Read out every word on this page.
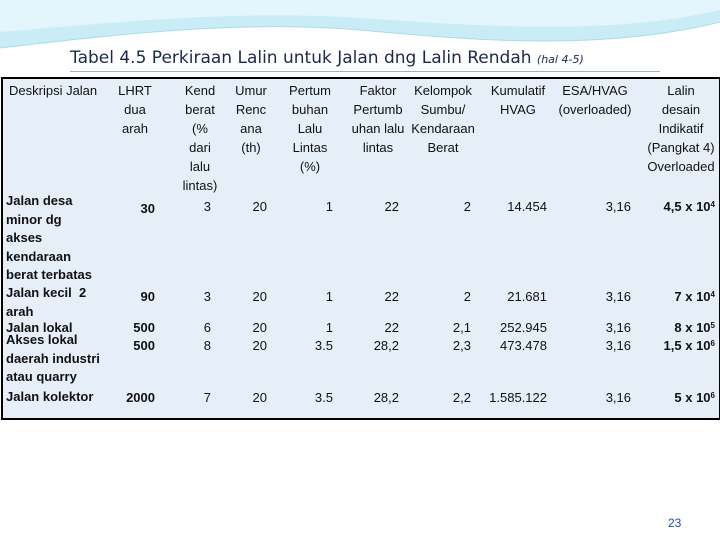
Tabel 4.5 Perkiraan Lalin untuk Jalan dng Lalin Rendah (hal 4-5)
Deskripsi Jalan	LHRT
dua
arah
Kend
berat
(%
dari
lalu
lintas)
Umur
Renc
ana
(th)
Pertum
buhan
Lalu
Lintas
(%)
Faktor
Pertumb
uhan lalu
lintas
Kelompok
Sumbu/
Kendaraan
Berat
Kumulatif
HVAG
ESA/HVAG
(overloaded)
Lalin
desain
Indikatif
(Pangkat 4)
Overloaded
Jalan desa
minor dg
akses
kendaraan
berat terbatas
Jalan kecil  2
arah
Jalan lokal
Akses lokal
daerah industri
atau quarry
Jalan kolektor
30
90
500
500
2000
3
3
6
8
7
20
20
20
20
20
1
1
1
3.5
3.5
22
22
22
28,2
28,2
2
2
2,1
2,3
2,2
14.454
21.681
252.945
473.478
1.585.122
3,16
3,16
3,16
3,16
3,16
4,5 x $10^4$
7 x $10^4$
8 x $10^5$
1,5 x $10^6$
5 x $10^6$
23
